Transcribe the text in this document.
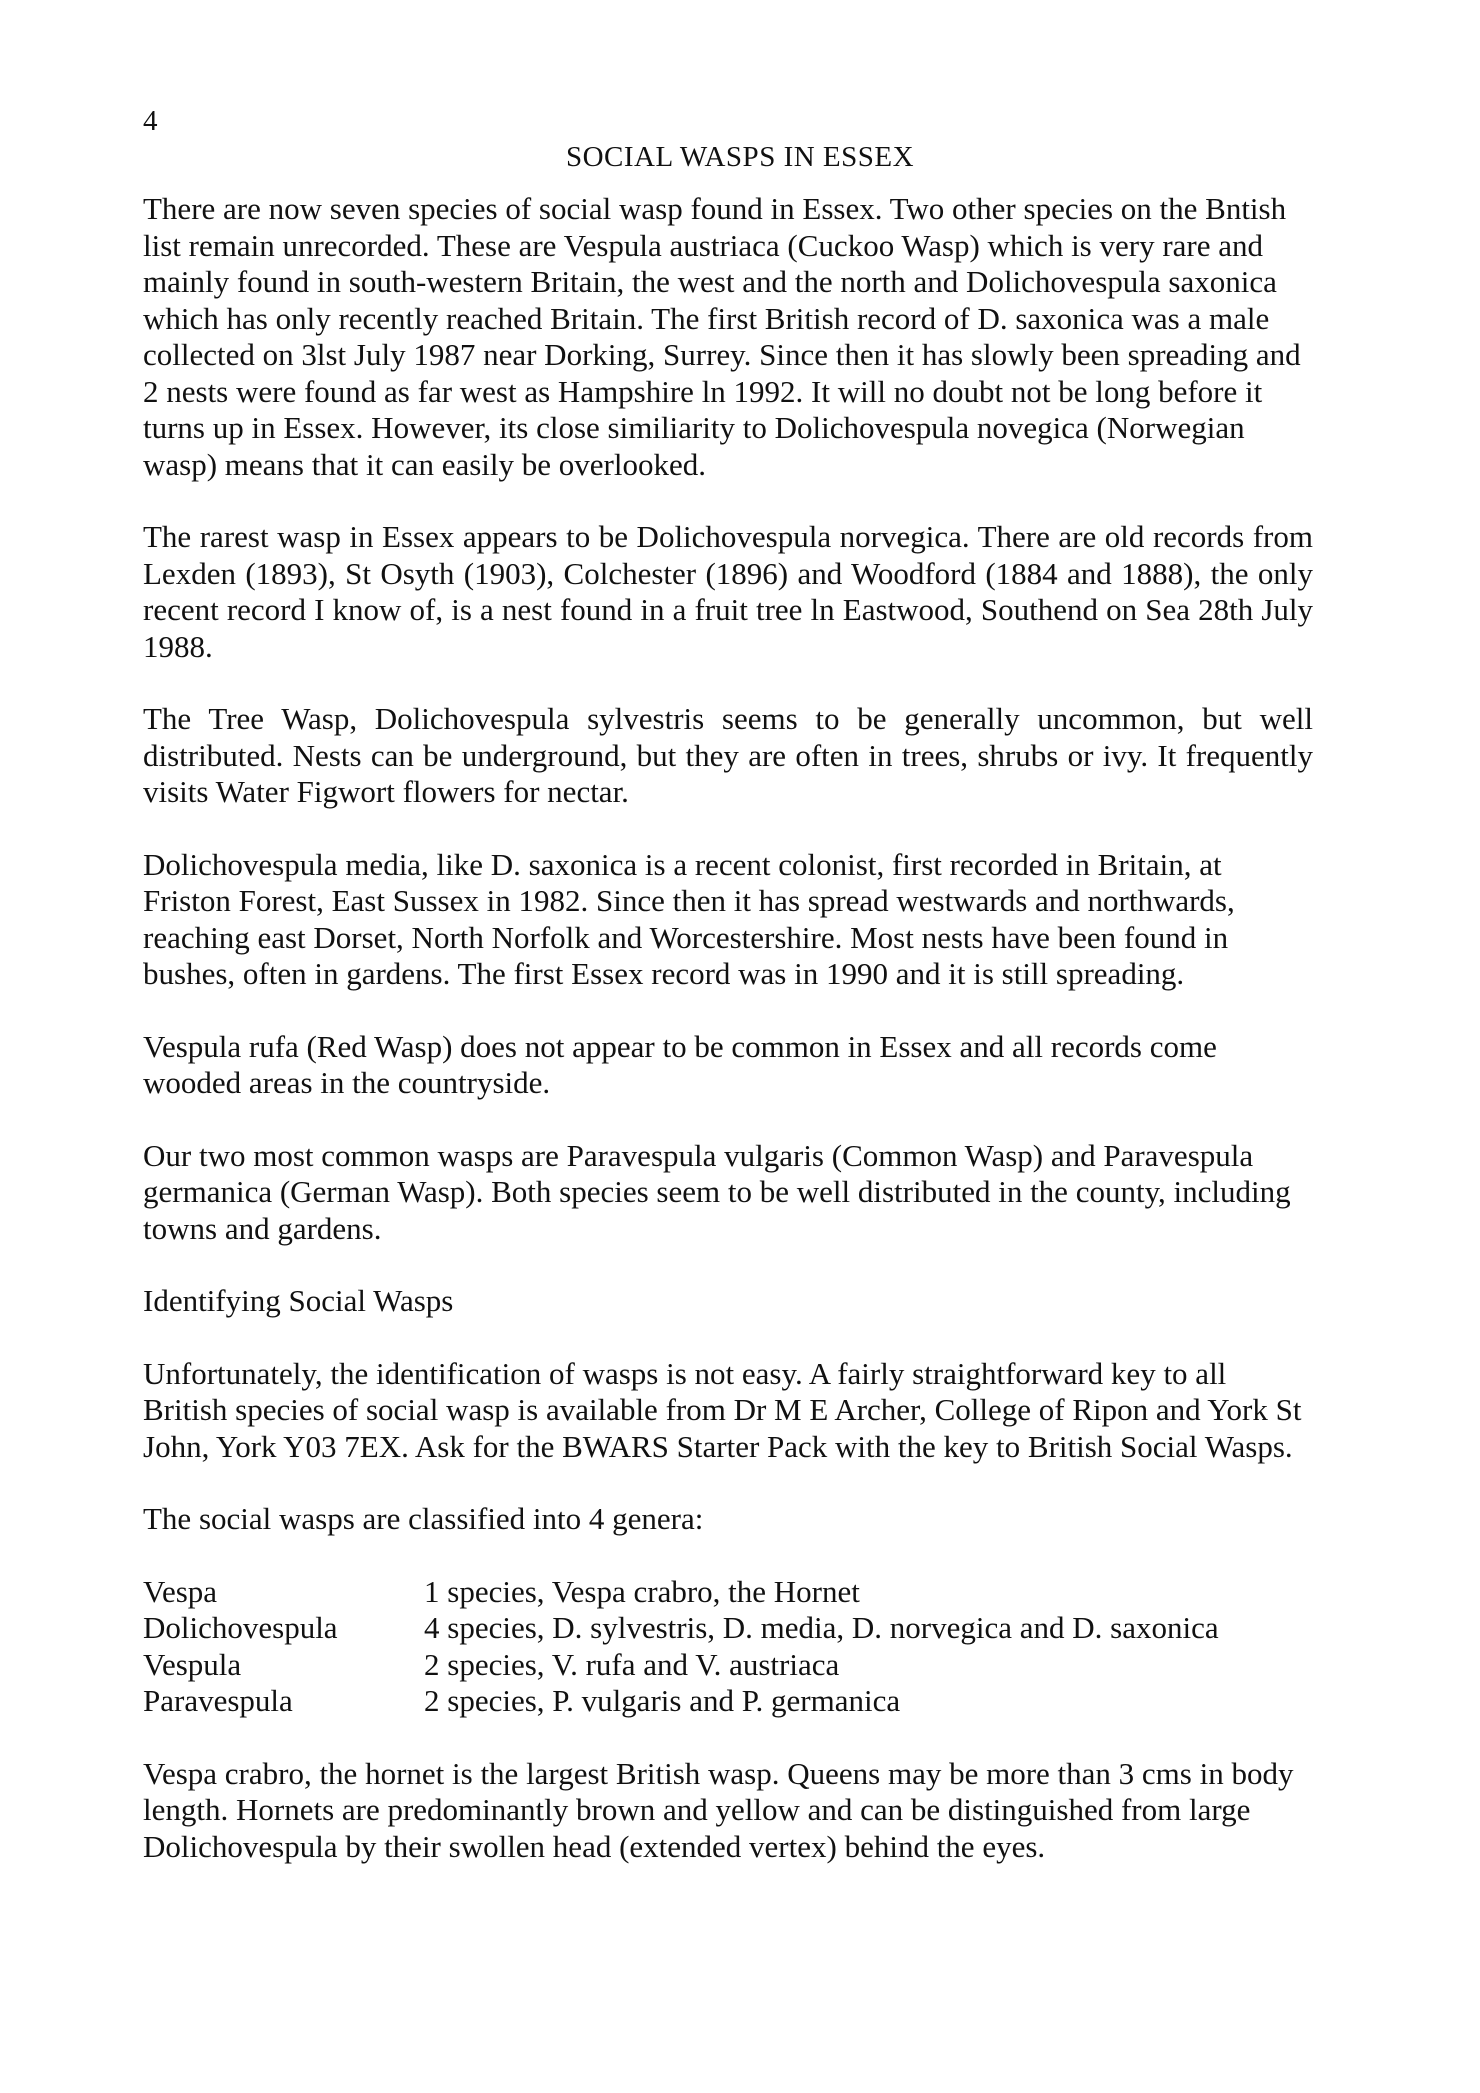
4
SOCIAL WASPS IN ESSEX

There are now seven species of social wasp found in Essex. Two other species on the Bntish list remain unrecorded. These are Vespula austriaca (Cuckoo Wasp) which is very rare and mainly found in south-western Britain, the west and the north and Dolichovespula saxonica which has only recently reached Britain. The first British record of D. saxonica was a male collected on 3lst July 1987 near Dorking, Surrey. Since then it has slowly been spreading and 2 nests were found as far west as Hampshire ln 1992. It will no doubt not be long before it turns up in Essex. However, its close similiarity to Dolichovespula novegica (Norwegian wasp) means that it can easily be overlooked.

The rarest wasp in Essex appears to be Dolichovespula norvegica. There are old records from Lexden (1893), St Osyth (1903), Colchester (1896) and Woodford (1884 and 1888), the only recent record I know of, is a nest found in a fruit tree ln Eastwood, Southend on Sea 28th July 1988.

The Tree Wasp, Dolichovespula sylvestris seems to be generally uncommon, but well distributed. Nests can be underground, but they are often in trees, shrubs or ivy. It frequently visits Water Figwort flowers for nectar.

Dolichovespula media, like D. saxonica is a recent colonist, first recorded in Britain, at Friston Forest, East Sussex in 1982. Since then it has spread westwards and northwards, reaching east Dorset, North Norfolk and Worcestershire. Most nests have been found in bushes, often in gardens. The first Essex record was in 1990 and it is still spreading.

Vespula rufa (Red Wasp) does not appear to be common in Essex and all records come wooded areas in the countryside.

Our two most common wasps are Paravespula vulgaris (Common Wasp) and Paravespula germanica (German Wasp). Both species seem to be well distributed in the county, including towns and gardens.

Identifying Social Wasps

Unfortunately, the identification of wasps is not easy. A fairly straightforward key to all British species of social wasp is available from Dr M E Archer, College of Ripon and York St John, York Y03 7EX. Ask for the BWARS Starter Pack with the key to British Social Wasps.

The social wasps are classified into 4 genera:

Vespa	1 species, Vespa crabro, the Hornet
Dolichovespula	4 species, D. sylvestris, D. media, D. norvegica and D. saxonica
Vespula	2 species, V. rufa and V. austriaca
Paravespula	2 species, P. vulgaris and P. germanica

Vespa crabro, the hornet is the largest British wasp. Queens may be more than 3 cms in body length. Hornets are predominantly brown and yellow and can be distinguished from large Dolichovespula by their swollen head (extended vertex) behind the eyes.
